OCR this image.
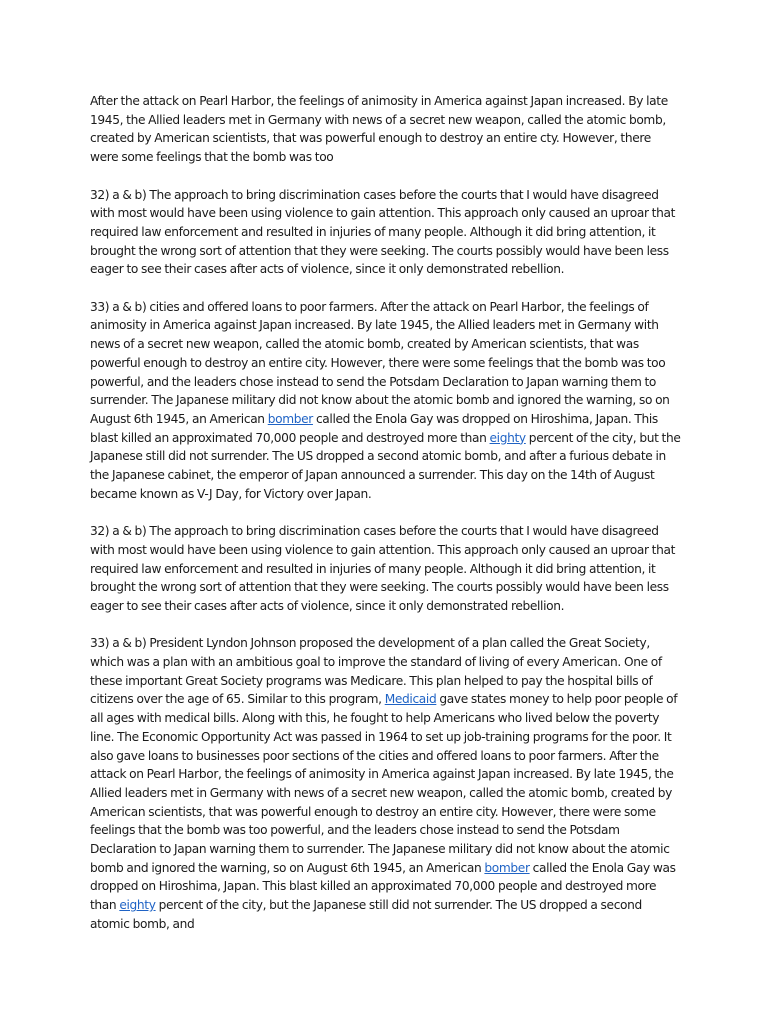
After the attack on Pearl Harbor, the feelings of animosity in America against Japan increased. By late 1945, the Allied leaders met in Germany with news of a secret new weapon, called the atomic bomb, created by American scientists, that was powerful enough to destroy an entire cty. However, there were some feelings that the bomb was too

32) a & b) The approach to bring discrimination cases before the courts that I would have disagreed with most would have been using violence to gain attention. This approach only caused an uproar that required law enforcement and resulted in injuries of many people. Although it did bring attention, it brought the wrong sort of attention that they were seeking. The courts possibly would have been less eager to see their cases after acts of violence, since it only demonstrated rebellion.

33) a & b) cities and offered loans to poor farmers. After the attack on Pearl Harbor, the feelings of animosity in America against Japan increased. By late 1945, the Allied leaders met in Germany with news of a secret new weapon, called the atomic bomb, created by American scientists, that was powerful enough to destroy an entire city. However, there were some feelings that the bomb was too powerful, and the leaders chose instead to send the Potsdam Declaration to Japan warning them to surrender. The Japanese military did not know about the atomic bomb and ignored the warning, so on August 6th 1945, an American bomber called the Enola Gay was dropped on Hiroshima, Japan. This blast killed an approximated 70,000 people and destroyed more than eighty percent of the city, but the Japanese still did not surrender. The US dropped a second atomic bomb, and after a furious debate in the Japanese cabinet, the emperor of Japan announced a surrender. This day on the 14th of August became known as V-J Day, for Victory over Japan.

32) a & b) The approach to bring discrimination cases before the courts that I would have disagreed with most would have been using violence to gain attention. This approach only caused an uproar that required law enforcement and resulted in injuries of many people. Although it did bring attention, it brought the wrong sort of attention that they were seeking. The courts possibly would have been less eager to see their cases after acts of violence, since it only demonstrated rebellion.

33) a & b) President Lyndon Johnson proposed the development of a plan called the Great Society, which was a plan with an ambitious goal to improve the standard of living of every American. One of these important Great Society programs was Medicare. This plan helped to pay the hospital bills of citizens over the age of 65. Similar to this program, Medicaid gave states money to help poor people of all ages with medical bills. Along with this, he fought to help Americans who lived below the poverty line. The Economic Opportunity Act was passed in 1964 to set up job-training programs for the poor. It also gave loans to businesses poor sections of the cities and offered loans to poor farmers. After the attack on Pearl Harbor, the feelings of animosity in America against Japan increased. By late 1945, the Allied leaders met in Germany with news of a secret new weapon, called the atomic bomb, created by American scientists, that was powerful enough to destroy an entire city. However, there were some feelings that the bomb was too powerful, and the leaders chose instead to send the Potsdam Declaration to Japan warning them to surrender. The Japanese military did not know about the atomic bomb and ignored the warning, so on August 6th 1945, an American bomber called the Enola Gay was dropped on Hiroshima, Japan. This blast killed an approximated 70,000 people and destroyed more than eighty percent of the city, but the Japanese still did not surrender. The US dropped a second atomic bomb, and
